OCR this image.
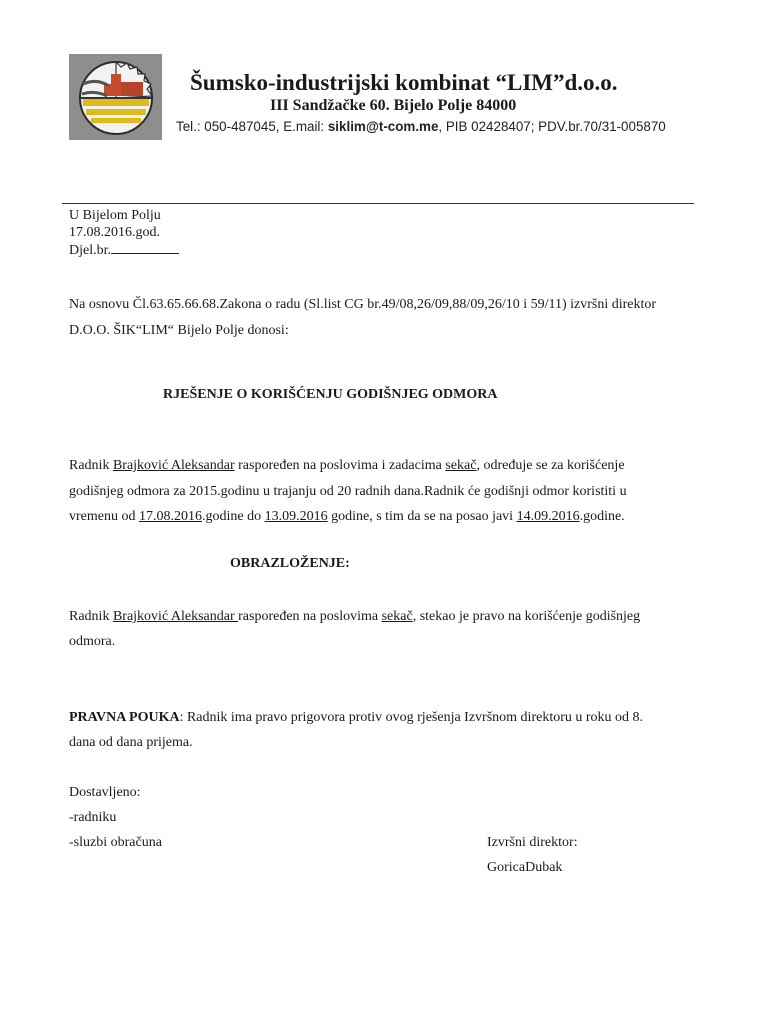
Šumsko-industrijski kombinat “LIM”d.o.o.
III Sandžačke 60. Bijelo Polje 84000
Tel.: 050-487045, E.mail: siklim@t-com.me, PIB 02428407; PDV.br.70/31-005870
U Bijelom Polju
17.08.2016.god.
Djel.br.
Na osnovu Čl.63.65.66.68.Zakona o radu (Sl.list CG br.49/08,26/09,88/09,26/10 i 59/11) izvršni direktor
D.O.O. ŠIK“LIM“ Bijelo Polje donosi:
RJEŠENJE O KORIŠĆENJU GODIŠNJEG ODMORA
Radnik Brajković Aleksandar raspoređen na poslovima i zadacima sekač, određuje se za korišćenje
godišnjeg odmora za 2015.godinu u trajanju od 20 radnih dana.Radnik će godišnji odmor koristiti u
vremenu od 17.08.2016.godine do 13.09.2016 godine, s tim da se na posao javi 14.09.2016.godine.
OBRAZLOŽENJE:
Radnik Brajković Aleksandar raspoređen na poslovima sekač, stekao je pravo na korišćenje godišnjeg
odmora.
PRAVNA POUKA: Radnik ima pravo prigovora protiv ovog rješenja Izvršnom direktoru u roku od 8.
dana od dana prijema.
Dostavljeno:
-radniku
-sluzbi obračuna	Izvršni direktor:
GoricaDubak
